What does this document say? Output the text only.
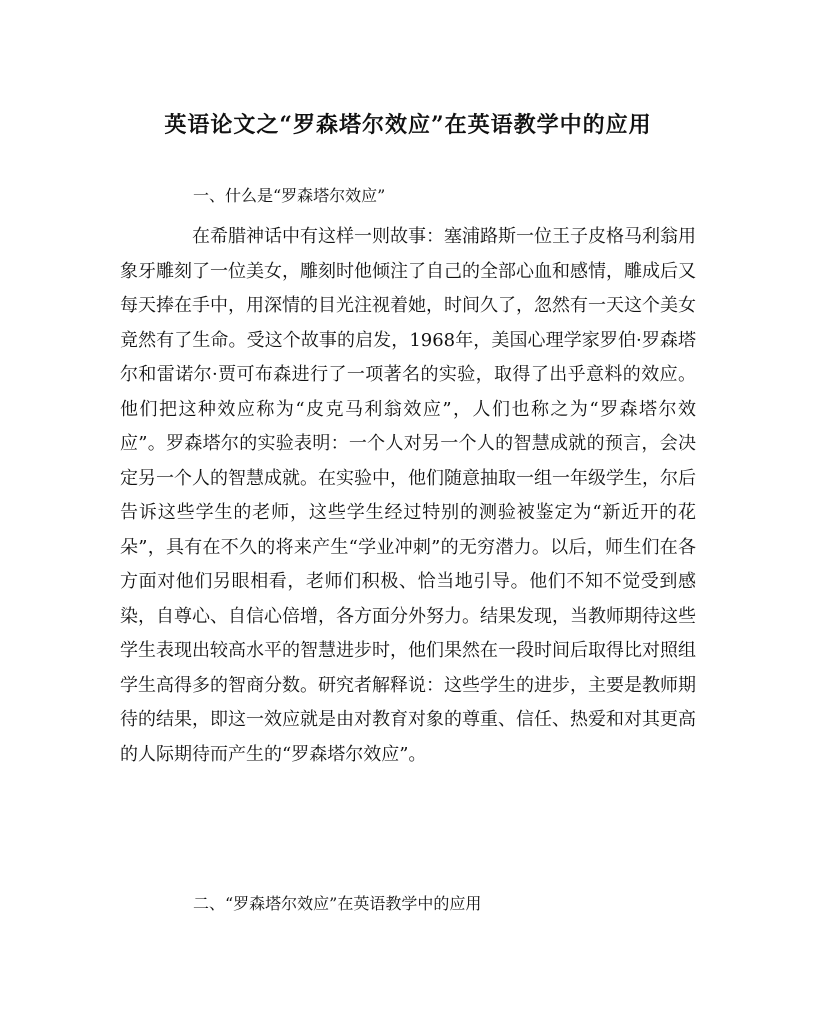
英语论文之“罗森塔尔效应”在英语教学中的应用

一、什么是“罗森塔尔效应”

在希腊神话中有这样一则故事：塞浦路斯一位王子皮格马利翁用象牙雕刻了一位美女，雕刻时他倾注了自己的全部心血和感情，雕成后又每天捧在手中，用深情的目光注视着她，时间久了，忽然有一天这个美女竟然有了生命。受这个故事的启发，1968年，美国心理学家罗伯·罗森塔尔和雷诺尔·贾可布森进行了一项著名的实验，取得了出乎意料的效应。他们把这种效应称为“皮克马利翁效应”，人们也称之为“罗森塔尔效应”。罗森塔尔的实验表明：一个人对另一个人的智慧成就的预言，会决定另一个人的智慧成就。在实验中，他们随意抽取一组一年级学生，尔后告诉这些学生的老师，这些学生经过特别的测验被鉴定为“新近开的花朵”，具有在不久的将来产生“学业冲刺”的无穷潜力。以后，师生们在各方面对他们另眼相看，老师们积极、恰当地引导。他们不知不觉受到感染，自尊心、自信心倍增，各方面分外努力。结果发现，当教师期待这些学生表现出较高水平的智慧进步时，他们果然在一段时间后取得比对照组学生高得多的智商分数。研究者解释说：这些学生的进步，主要是教师期待的结果，即这一效应就是由对教育对象的尊重、信任、热爱和对其更高的人际期待而产生的“罗森塔尔效应”。

二、“罗森塔尔效应”在英语教学中的应用
